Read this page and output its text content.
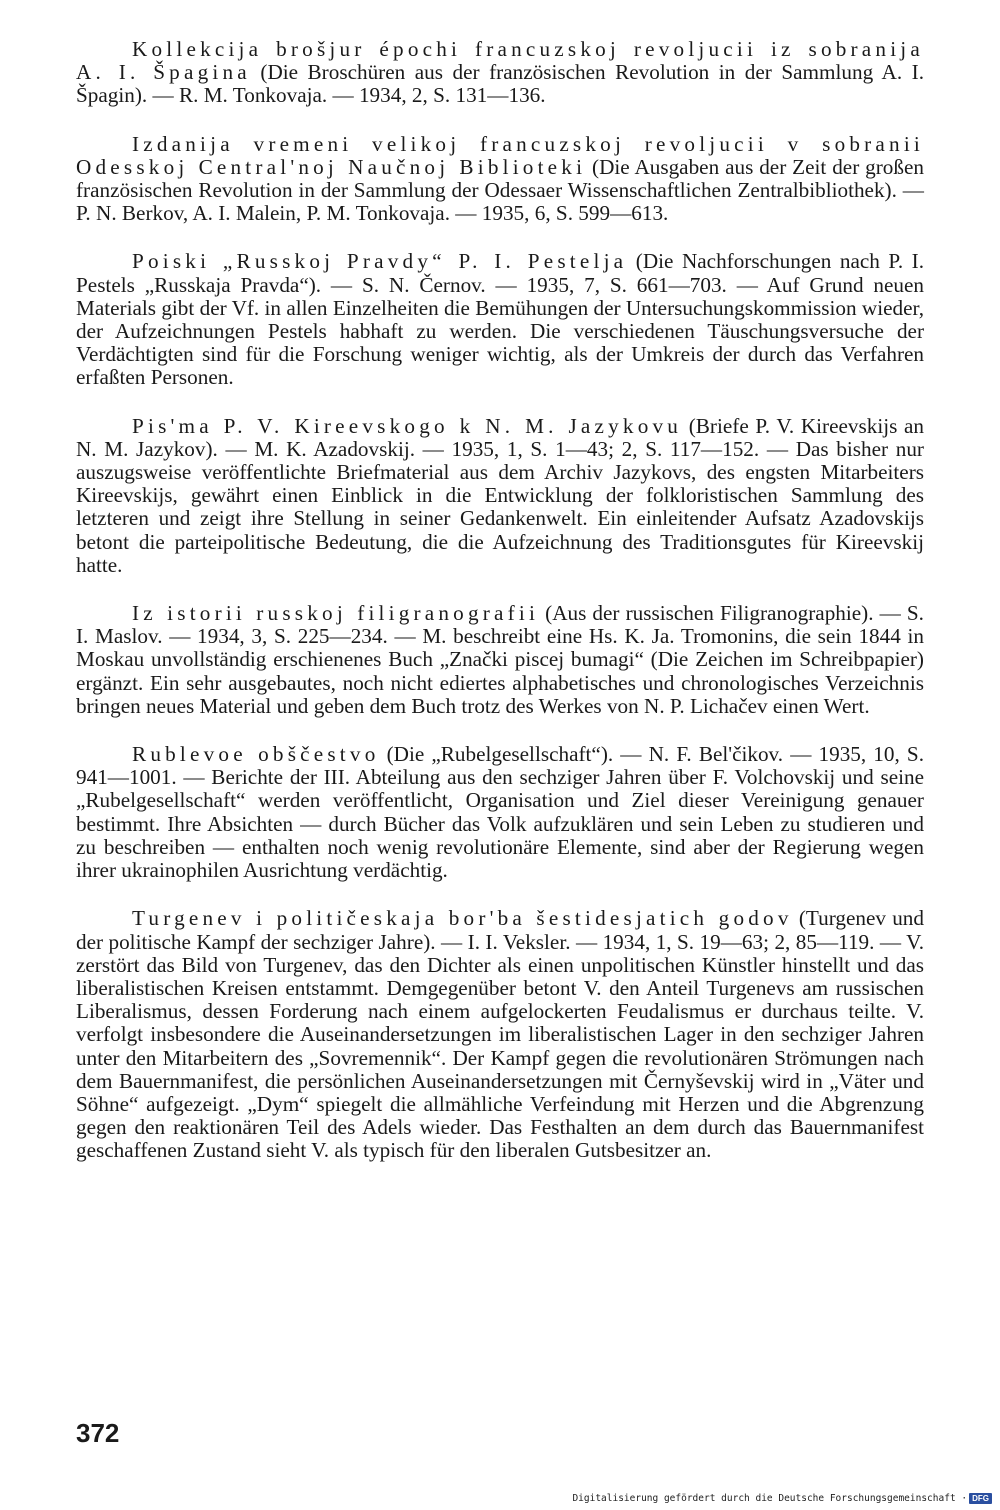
Kollekcija brošjur épochi francuzskoj revoljucii iz sobranija A. I. Špagina (Die Broschüren aus der französischen Revolution in der Sammlung A. I. Špagin). — R. M. Tonkovaja. — 1934, 2, S. 131—136.

Izdanija vremeni velikoj francuzskoj revoljucii v sobranii Odesskoj Central'noj Naučnoj Biblioteki (Die Ausgaben aus der Zeit der großen französischen Revolution in der Sammlung der Odessaer Wissenschaftlichen Zentralbibliothek). — P. N. Berkov, A. I. Malein, P. M. Tonkovaja. — 1935, 6, S. 599—613.

Poiski „Russkoj Pravdy“ P. I. Pestelja (Die Nachforschungen nach P. I. Pestels „Russkaja Pravda“). — S. N. Černov. — 1935, 7, S. 661—703. — Auf Grund neuen Materials gibt der Vf. in allen Einzelheiten die Bemühungen der Untersuchungskommission wieder, der Aufzeichnungen Pestels habhaft zu werden. Die verschiedenen Täuschungsversuche der Verdächtigten sind für die Forschung weniger wichtig, als der Umkreis der durch das Verfahren erfaßten Personen.

Pis'ma P. V. Kireevskogo k N. M. Jazykovu (Briefe P. V. Kireevskijs an N. M. Jazykov). — M. K. Azadovskij. — 1935, 1, S. 1—43; 2, S. 117—152. — Das bisher nur auszugsweise veröffentlichte Briefmaterial aus dem Archiv Jazykovs, des engsten Mitarbeiters Kireevskijs, gewährt einen Einblick in die Entwicklung der folkloristischen Sammlung des letzteren und zeigt ihre Stellung in seiner Gedankenwelt. Ein einleitender Aufsatz Azadovskijs betont die parteipolitische Bedeutung, die die Aufzeichnung des Traditionsgutes für Kireevskij hatte.

Iz istorii russkoj filigranografii (Aus der russischen Filigranographie). — S. I. Maslov. — 1934, 3, S. 225—234. — M. beschreibt eine Hs. K. Ja. Tromonins, die sein 1844 in Moskau unvollständig erschienenes Buch „Znački piscej bumagi“ (Die Zeichen im Schreibpapier) ergänzt. Ein sehr ausgebautes, noch nicht ediertes alphabetisches und chronologisches Verzeichnis bringen neues Material und geben dem Buch trotz des Werkes von N. P. Lichačev einen Wert.

Rublevoe obščestvo (Die „Rubelgesellschaft“). — N. F. Bel'čikov. — 1935, 10, S. 941—1001. — Berichte der III. Abteilung aus den sechziger Jahren über F. Volchovskij und seine „Rubelgesellschaft“ werden veröffentlicht, Organisation und Ziel dieser Vereinigung genauer bestimmt. Ihre Absichten — durch Bücher das Volk aufzuklären und sein Leben zu studieren und zu beschreiben — enthalten noch wenig revolutionäre Elemente, sind aber der Regierung wegen ihrer ukrainophilen Ausrichtung verdächtig.

Turgenev i političeskaja bor'ba šestidesjatich godov (Turgenev und der politische Kampf der sechziger Jahre). — I. I. Veksler. — 1934, 1, S. 19—63; 2, 85—119. — V. zerstört das Bild von Turgenev, das den Dichter als einen unpolitischen Künstler hinstellt und das liberalistischen Kreisen entstammt. Demgegenüber betont V. den Anteil Turgenevs am russischen Liberalismus, dessen Forderung nach einem aufgelockerten Feudalismus er durchaus teilte. V. verfolgt insbesondere die Auseinandersetzungen im liberalistischen Lager in den sechziger Jahren unter den Mitarbeitern des „Sovremennik“. Der Kampf gegen die revolutionären Strömungen nach dem Bauernmanifest, die persönlichen Auseinandersetzungen mit Černyševskij wird in „Väter und Söhne“ aufgezeigt. „Dym“ spiegelt die allmähliche Verfeindung mit Herzen und die Abgrenzung gegen den reaktionären Teil des Adels wieder. Das Festhalten an dem durch das Bauernmanifest geschaffenen Zustand sieht V. als typisch für den liberalen Gutsbesitzer an.

372
Digitalisierung gefördert durch die Deutsche Forschungsgemeinschaft · DFG
